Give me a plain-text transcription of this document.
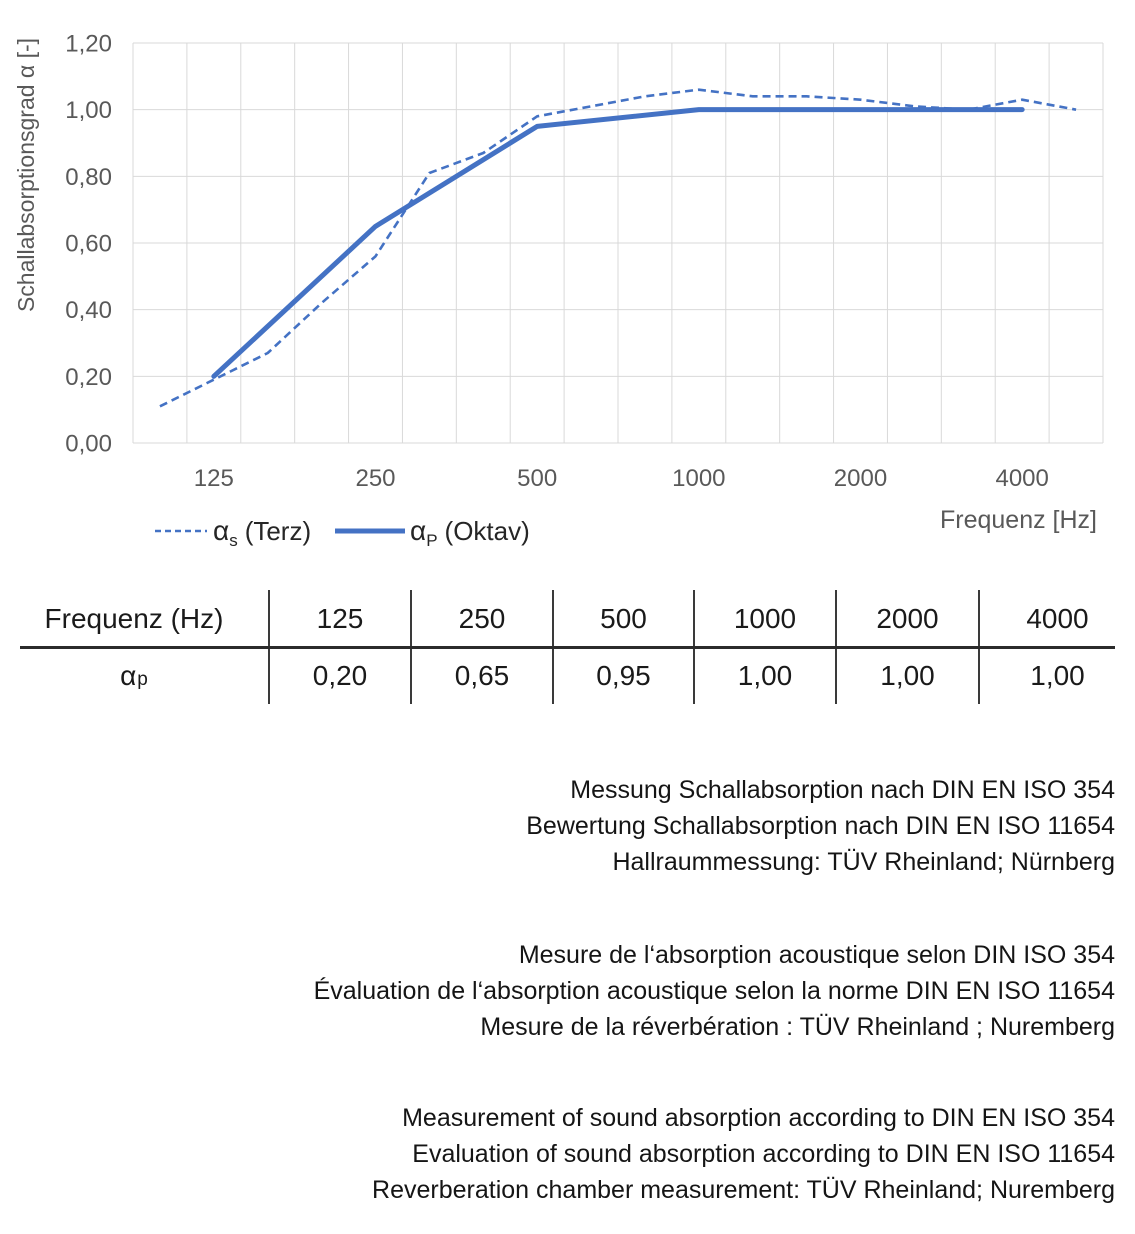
0,00
0,20
0,40
0,60
0,80
1,00
1,20
125	250	500	1000	2000	4000
Frequenz [Hz]
Schallabsorptionsgrad α [-]
$\alpha_s$ (Terz)	$\alpha_P$ (Oktav)
Frequenz (Hz)	125	250	500	1000	2000	4000
α p	0,20	0,65	0,95	1,00	1,00	1,00
Messung Schallabsorption nach DIN EN ISO 354
Bewertung Schallabsorption nach DIN EN ISO 11654
Hallraummessung: TÜV Rheinland; Nürnberg
Mesure de l‘absorption acoustique selon DIN ISO 354
Évaluation de l‘absorption acoustique selon la norme DIN EN ISO 11654
Mesure de la réverbération : TÜV Rheinland ; Nuremberg
Measurement of sound absorption according to DIN EN ISO 354
Evaluation of sound absorption according to DIN EN ISO 11654
Reverberation chamber measurement: TÜV Rheinland; Nuremberg
